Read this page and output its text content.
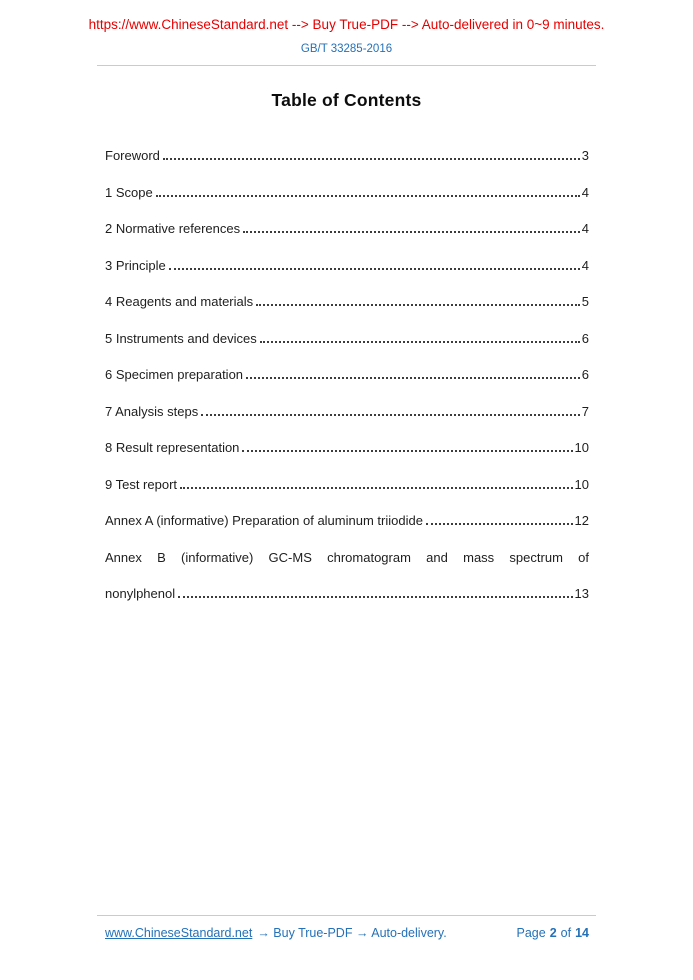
https://www.ChineseStandard.net --> Buy True-PDF --> Auto-delivered in 0~9 minutes.
GB/T 33285-2016
Table of Contents
Foreword	3
1 Scope	4
2 Normative references	4
3 Principle	4
4 Reagents and materials	5
5 Instruments and devices	6
6 Specimen preparation	6
7 Analysis steps	7
8 Result representation	10
9 Test report	10
Annex A (informative) Preparation of aluminum triiodide	12
Annex B (informative) GC-MS chromatogram and mass spectrum of
nonylphenol	13
www.ChineseStandard.net → Buy True-PDF → Auto-delivery.	Page 2 of 14
